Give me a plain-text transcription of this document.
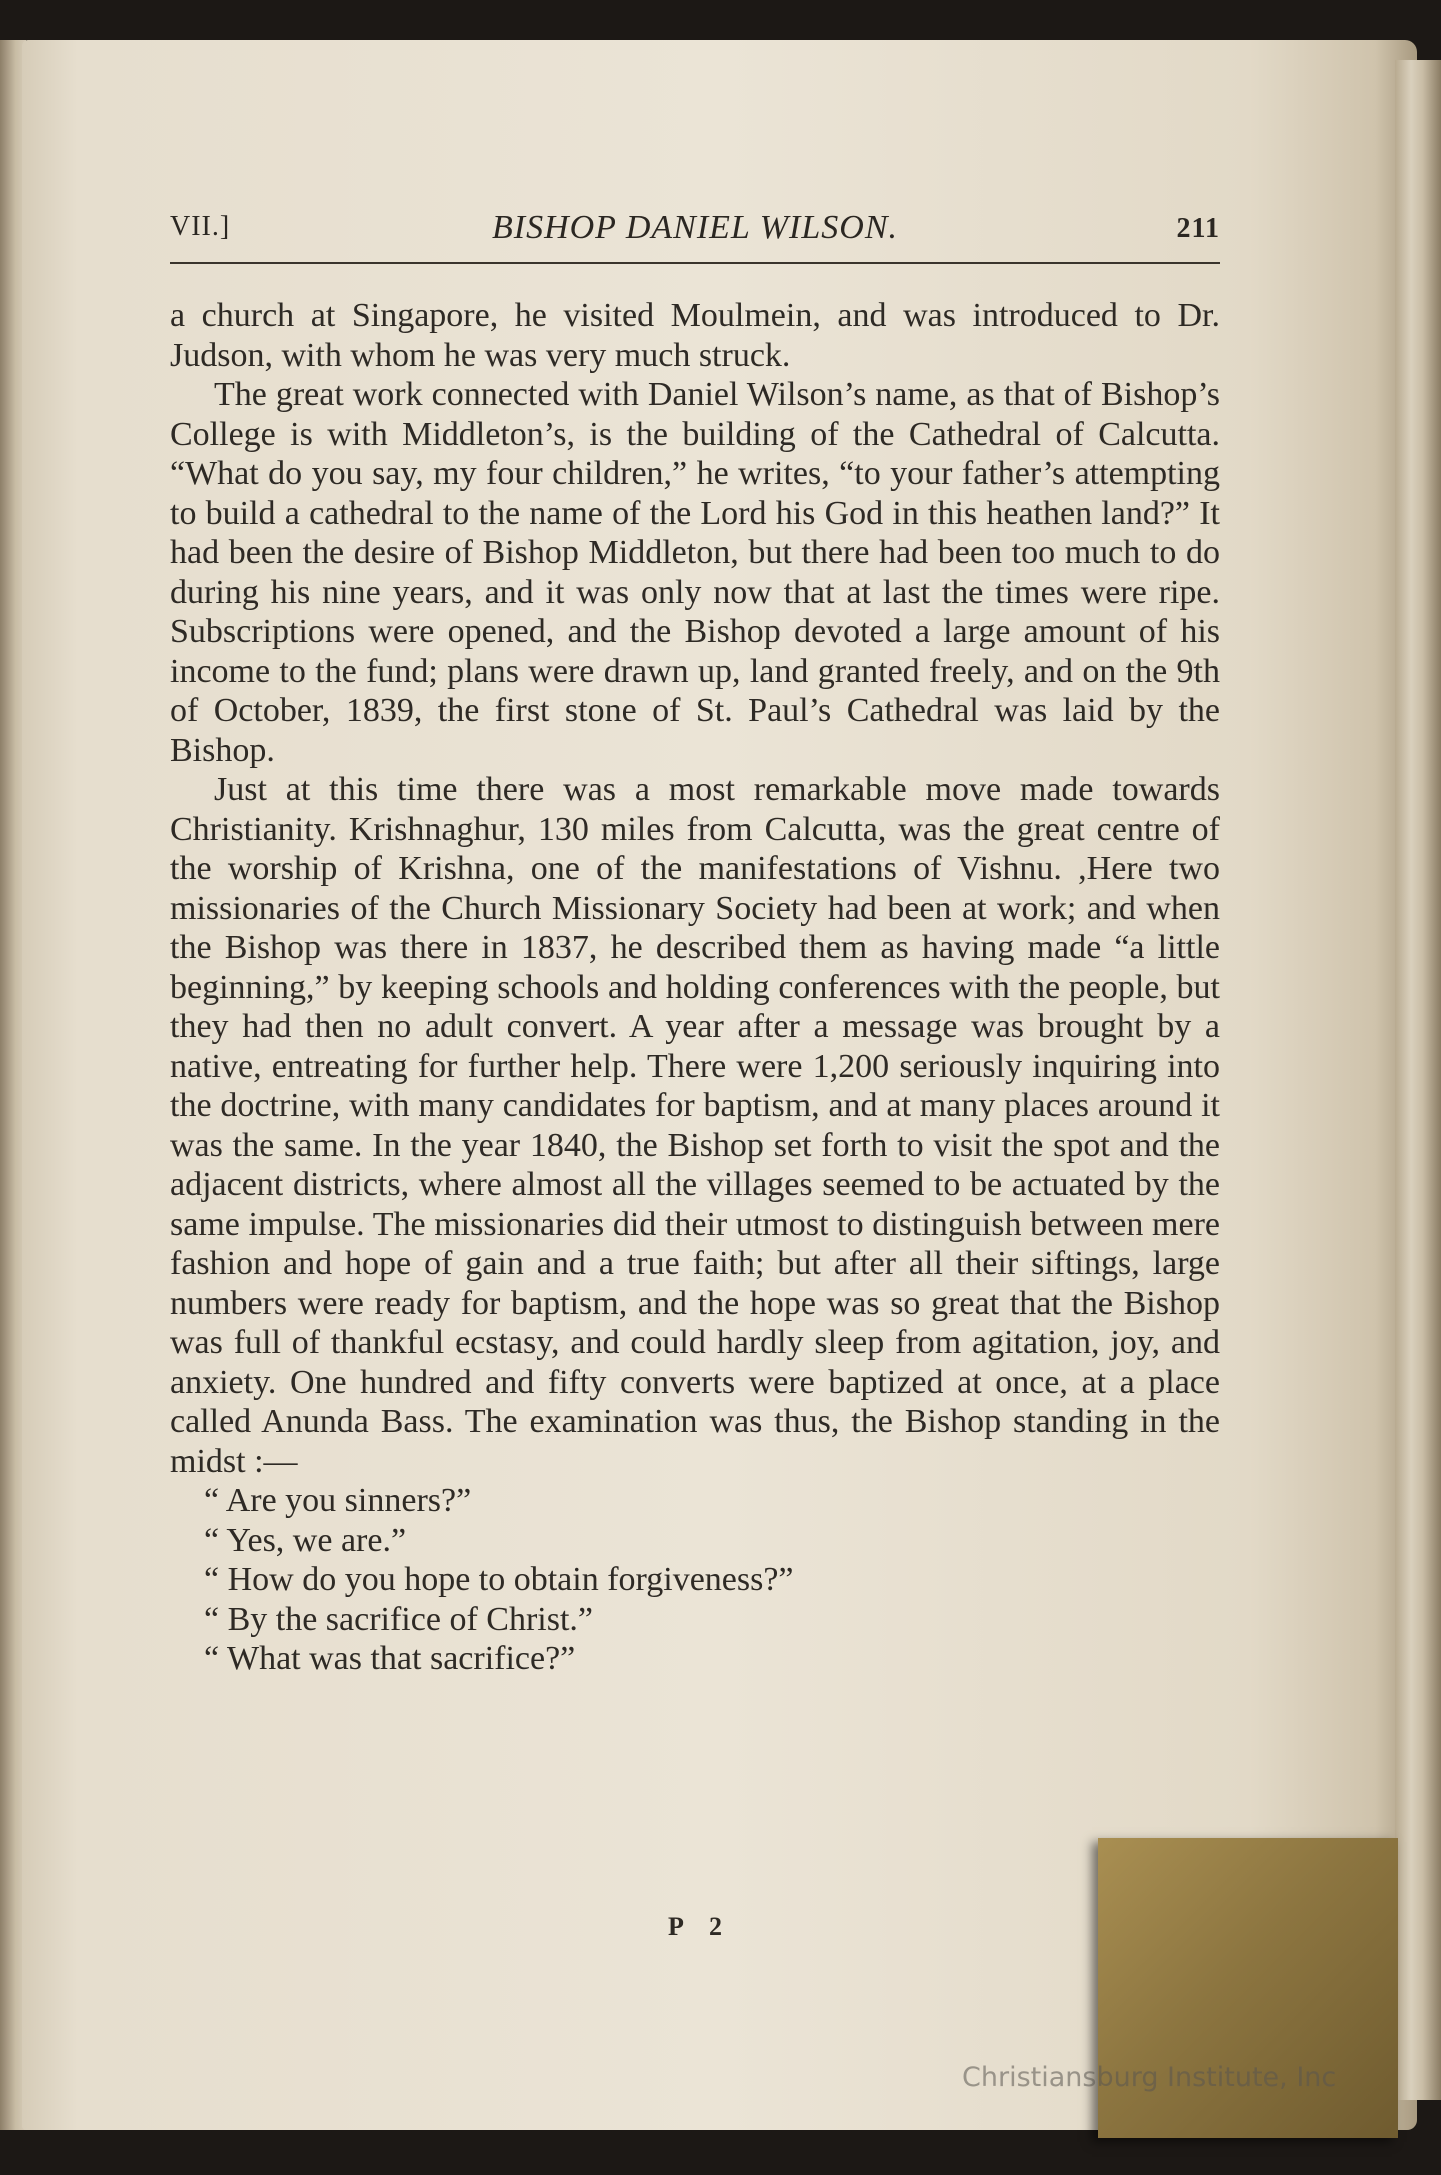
VII.]	BISHOP DANIEL WILSON.	211

a church at Singapore, he visited Moulmein, and was introduced to Dr. Judson, with whom he was very much struck.

The great work connected with Daniel Wilson’s name, as that of Bishop’s College is with Middleton’s, is the building of the Cathedral of Calcutta. “What do you say, my four children,” he writes, “to your father’s attempting to build a cathedral to the name of the Lord his God in this heathen land?” It had been the desire of Bishop Middleton, but there had been too much to do during his nine years, and it was only now that at last the times were ripe. Subscriptions were opened, and the Bishop devoted a large amount of his income to the fund; plans were drawn up, land granted freely, and on the 9th of October, 1839, the first stone of St. Paul’s Cathedral was laid by the Bishop.

Just at this time there was a most remarkable move made towards Christianity. Krishnaghur, 130 miles from Calcutta, was the great centre of the worship of Krishna, one of the manifestations of Vishnu. ,Here two missionaries of the Church Missionary Society had been at work; and when the Bishop was there in 1837, he described them as having made “a little beginning,” by keeping schools and holding conferences with the people, but they had then no adult convert. A year after a message was brought by a native, entreating for further help. There were 1,200 seriously inquiring into the doctrine, with many candidates for baptism, and at many places around it was the same. In the year 1840, the Bishop set forth to visit the spot and the adjacent districts, where almost all the villages seemed to be actuated by the same impulse. The missionaries did their utmost to distinguish between mere fashion and hope of gain and a true faith; but after all their siftings, large numbers were ready for baptism, and the hope was so great that the Bishop was full of thankful ecstasy, and could hardly sleep from agitation, joy, and anxiety. One hundred and fifty converts were baptized at once, at a place called Anunda Bass. The examination was thus, the Bishop standing in the midst :—

“ Are you sinners?”

“ Yes, we are.”

“ How do you hope to obtain forgiveness?”

“ By the sacrifice of Christ.”

“ What was that sacrifice?”

P 2
Christiansburg Institute, Inc
